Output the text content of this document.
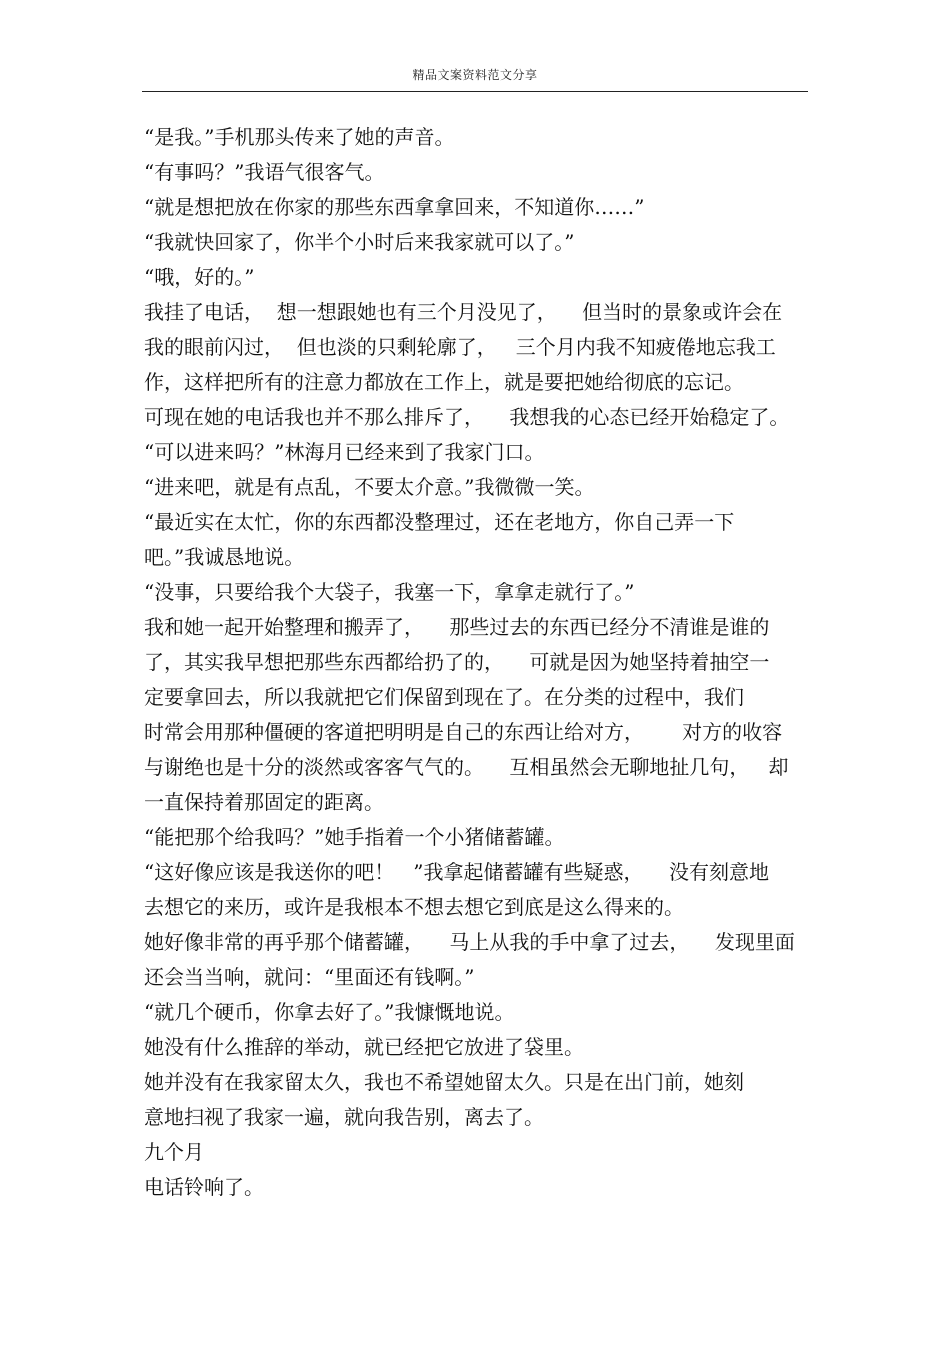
精品文案资料范文分享
“是我。”手机那头传来了她的声音。
“有事吗？”我语气很客气。
“就是想把放在你家的那些东西拿拿回来，不知道你……”
“我就快回家了，你半个小时后来我家就可以了。”
“哦，好的。”
我挂了电话，  想一想跟她也有三个月没见了，    但当时的景象或许会在
我的眼前闪过，  但也淡的只剩轮廓了，   三个月内我不知疲倦地忘我工
作，这样把所有的注意力都放在工作上，就是要把她给彻底的忘记。
可现在她的电话我也并不那么排斥了，    我想我的心态已经开始稳定了。
“可以进来吗？”林海月已经来到了我家门口。
“进来吧，就是有点乱，不要太介意。”我微微一笑。
“最近实在太忙，你的东西都没整理过，还在老地方，你自己弄一下
吧。”我诚恳地说。
“没事，只要给我个大袋子，我塞一下，拿拿走就行了。”
我和她一起开始整理和搬弄了，    那些过去的东西已经分不清谁是谁的
了，其实我早想把那些东西都给扔了的，    可就是因为她坚持着抽空一
定要拿回去，所以我就把它们保留到现在了。在分类的过程中，我们
时常会用那种僵硬的客道把明明是自己的东西让给对方，      对方的收容
与谢绝也是十分的淡然或客客气气的。    互相虽然会无聊地扯几句，   却
一直保持着那固定的距离。
“能把那个给我吗？”她手指着一个小猪储蓄罐。
“这好像应该是我送你的吧！   ”我拿起储蓄罐有些疑惑，    没有刻意地
去想它的来历，或许是我根本不想去想它到底是这么得来的。
她好像非常的再乎那个储蓄罐，    马上从我的手中拿了过去，    发现里面
还会当当响，就问：“里面还有钱啊。”
“就几个硬币，你拿去好了。”我慷慨地说。
她没有什么推辞的举动，就已经把它放进了袋里。
她并没有在我家留太久，我也不希望她留太久。只是在出门前，她刻
意地扫视了我家一遍，就向我告别，离去了。
九个月
电话铃响了。
